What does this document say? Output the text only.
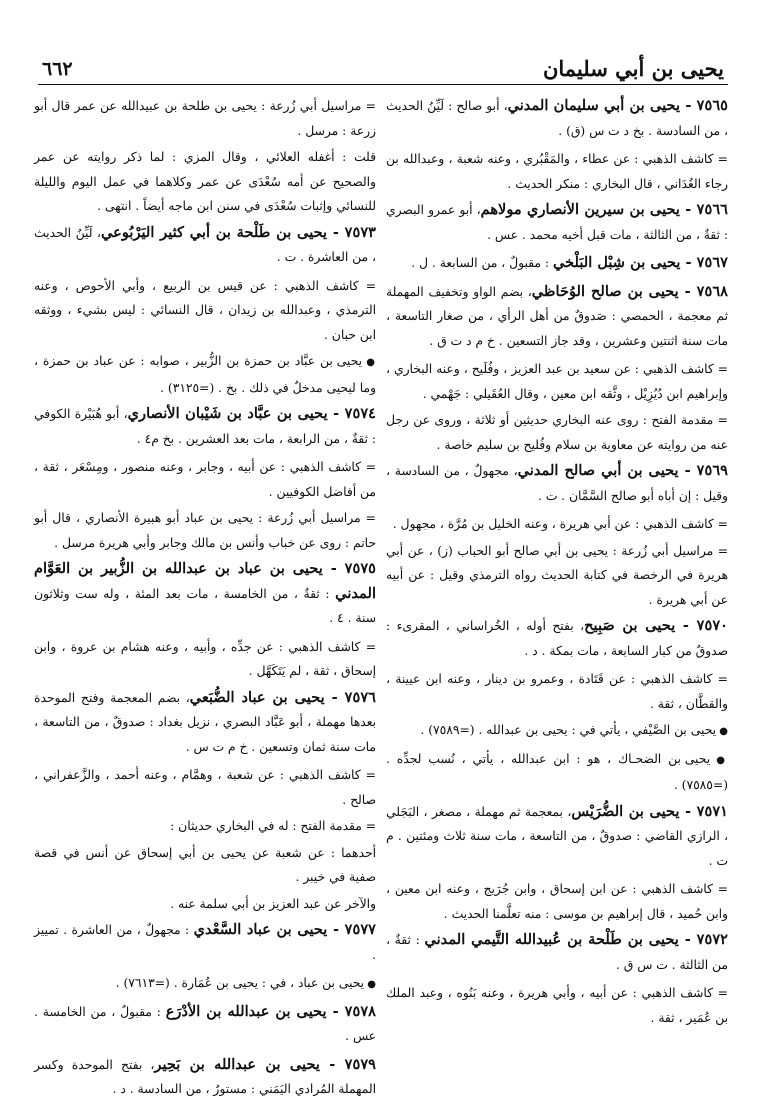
يحيى بن أبي سليمان
٦٦٢
٧٥٦٥ - يحيى بن أبي سليمان المدني، أبو صالح : لَيِّنُ الحديث ، من السادسة . بخ د ت س (ق) .
= كاشف الذهبي : عن عطاء ، والمَقْبُري ، وعنه شعبة ، وعبدالله بن رجاء الغُدَاني ، قال البخاري : منكر الحديث .
٧٥٦٦ - يحيى بن سيرين الأنصاري مولاهم، أبو عمرو البصري : ثقةٌ ، من الثالثة ، مات قبل أخيه محمد . عس .
٧٥٦٧ - يحيى بن شِبْل البَلْخي : مقبولٌ ، من السابعة . ل .
٧٥٦٨ - يحيى بن صالح الوُحَاظي، بضم الواو وتخفيف المهملة ثم معجمة ، الحمصي : صَدوقٌ من أهل الرأي ، من صغار التاسعة ، مات سنة اثنتين وعشرين ، وقد جاز التسعين . خ م د ت ق .
= كاشف الذهبي : عن سعيد بن عبد العزيز ، وفُلَيح ، وعنه البخاري ، وإبراهيم ابن دُيُزِيْل ، وثَّقه ابن معين ، وقال العُقَيلي : جَهْمي .
= مقدمة الفتح : روى عنه البخاري حديثين أو ثلاثة ، وروى عن رجل عنه من روايته عن معاوية بن سلام وفُليح بن سليم خاصة .
٧٥٦٩ - يحيى بن أبي صالح المدني، مجهولٌ ، من السادسة ، وقيل : إن أباه أبو صالح السَّمَّان . ت .
= كاشف الذهبي : عن أبي هريرة ، وعنه الخليل بن مُرَّة ، مجهول .
= مراسيل أبي زُرعة : يحيى بن أبي صالح أبو الحباب (ز) ، عن أبي هريرة في الرخصة في كتابة الحديث رواه الترمذي وقيل : عن أبيه عن أبي هريرة .
٧٥٧٠ - يحيى بن صَبِيح، بفتح أوله ، الخُراساني ، المقرىء : صدوقٌ من كبار السابعة ، مات بمكة . د .
= كاشف الذهبي : عن قَتَادة ، وعمرو بن دينار ، وعنه ابن عيينة ، والقطَّان ، ثقة .
● يحيى بن الصَّيْفي ، يأتي في : يحيى بن عبدالله . (=٧٥٨٩) .
● يحيى بن الضحـاك ، هو : ابن عبدالله ، يأتي ، نُسب لجدِّه . (=٧٥٨٥) .
٧٥٧١ - يحيى بن الضُّرَيْس، بمعجمة ثم مهملة ، مصغر ، البَجَلي ، الرازي القاضي : صدوقٌ ، من التاسعة ، مات سنة ثلاث ومئتين . م ت .
= كاشف الذهبي : عن ابن إسحاق ، وابن جُرَيج ، وعنه ابن معين ، وابن حُميد ، قال إبراهيم بن موسى : منه تعلَّمنا الحديث .
٧٥٧٢ - يحيى بن طَلْحة بن عُبيدالله التَّيمي المدني : ثقةٌ ، من الثالثة . ت س ق .
= كاشف الذهبي : عن أبيه ، وأبي هريرة ، وعنه بَنُوه ، وعبد الملك بن عُمَير ، ثقة .
= مراسيل أبي زُرعة : يحيى بن طلحة بن عبيدالله عن عمر قال أبو زرعة : مرسل .
قلت : أغفله العلائي ، وقال المزي : لما ذكر روايته عن عمر والصحيح عن أمه سُعْدَى عن عمر وكلاهما في عمل اليوم والليلة للنسائي وإثبات سُعْدَى في سنن ابن ماجه أيضاً . انتهى .
٧٥٧٣ - يحيى بن طَلْحة بن أبي كثير اليَرْبُوعي، لَيِّنُ الحديث ، من العاشرة . ت .
= كاشف الذهبي : عن قيس بن الربيع ، وأبي الأحوص ، وعنه الترمذي ، وعبدالله بن زيدان ، قال النسائي : ليس بشيء ، ووثقه ابن حبان .
● يحيى بن عبَّاد بن حمزة بن الزُّبير ، صوابه : عن عباد بن حمزة ، وما ليحيى مدخلٌ في ذلك . بخ . (=٣١٢٥) .
٧٥٧٤ - يحيى بن عبَّاد بن شَيْبان الأنصاري، أبو هُبَيْرة الكوفي : ثقةٌ ، من الرابعة ، مات بعد العشرين . بخ م٤ .
= كاشف الذهبي : عن أبيه ، وجابر ، وعنه منصور ، ومِسْعَر ، ثقة ، من أفاضل الكوفيين .
= مراسيل أبي زُرعة : يحيى بن عباد أبو هبيرة الأنصاري ، قال أبو حاتم : روى عن خباب وأنس بن مالك وجابر وأبي هريرة مرسل .
٧٥٧٥ - يحيى بن عباد بن عبدالله بن الزُّبير بن العَوَّام المدني : ثقةٌ ، من الخامسة ، مات بعد المئة ، وله ست وثلاثون سنة . ٤ .
= كاشف الذهبي : عن جدِّه ، وأبيه ، وعنه هشام بن عروة ، وابن إسحاق ، ثقة ، لم يَتَكَهَّل .
٧٥٧٦ - يحيى بن عباد الضُّبَعي، بضم المعجمة وفتح الموحدة بعدها مهملة ، أبو عَبَّاد البصري ، نزيل بغداد : صدوقٌ ، من التاسعة ، مات سنة ثمان وتسعين . خ م ت س .
= كاشف الذهبي : عن شعبة ، وهمَّام ، وعنه أحمد ، والزَّعفراني ، صالح .
= مقدمة الفتح : له في البخاري حديثان :
أحدهما : عن شعبة عن يحيى بن أبي إسحاق عن أنس في قصة صفية في خيبر .
والآخر عن عبد العزيز بن أبي سلمة عنه .
٧٥٧٧ - يحيى بن عباد السَّعْدي : مجهولٌ ، من العاشرة . تمييز .
● يحيى بن عباد ، في : يحيى بن عُمَارة . (=٧٦١٣) .
٧٥٧٨ - يحيى بن عبدالله بن الأدْرَع : مقبولٌ ، من الخامسة . عس .
٧٥٧٩ - يحيى بن عبدالله بن بَحِير، بفتح الموحدة وكسر المهملة المُرادي اليَمَني : مستورٌ ، من السادسة . د .
